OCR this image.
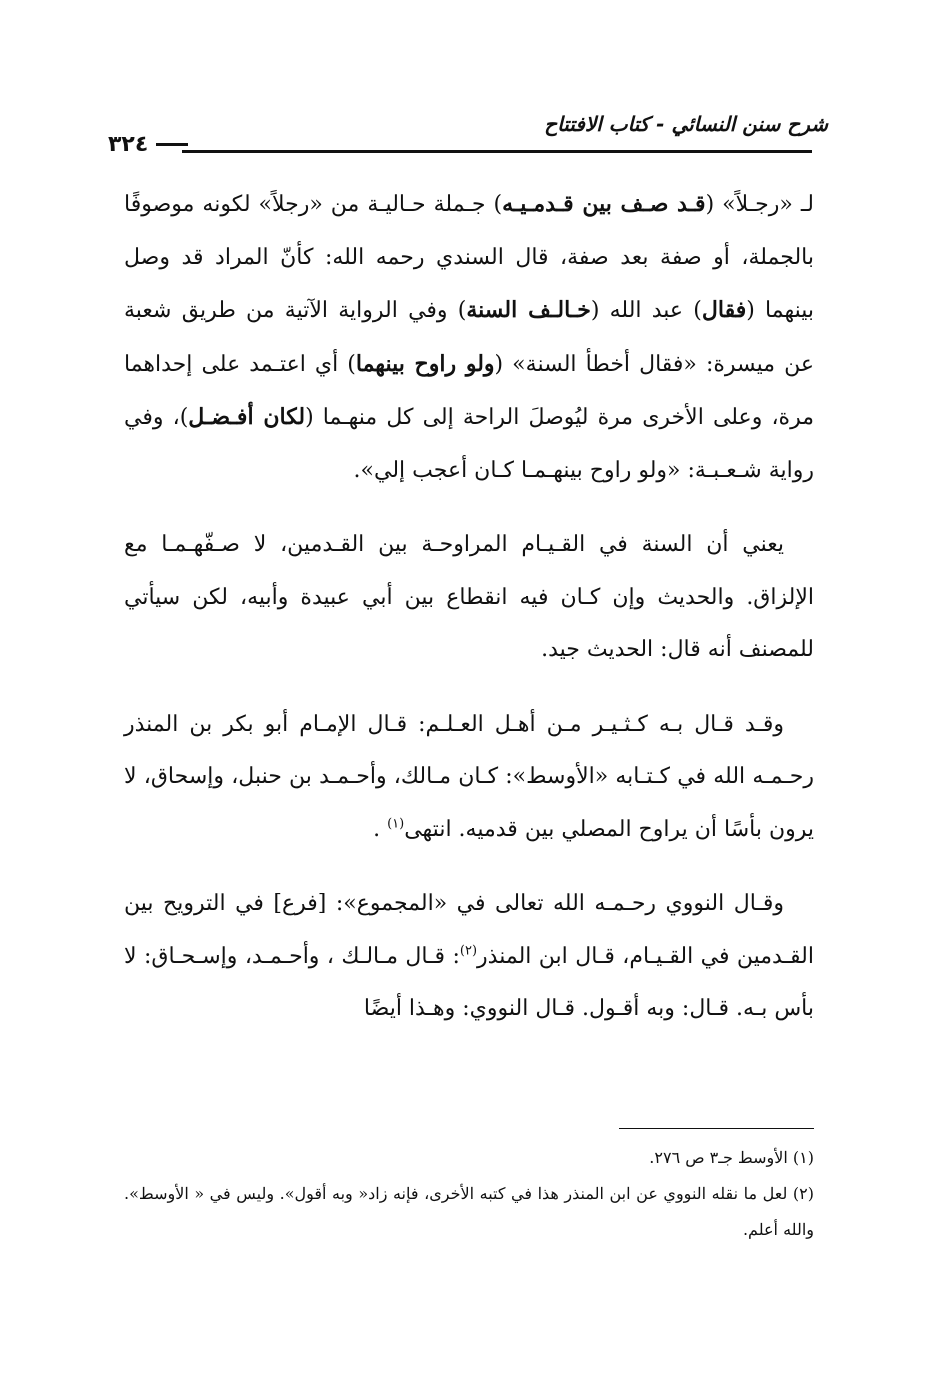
شرح سنن النسائي - كتاب الافتتاح
٣٢٤

لـ «رجـلاً» (قـد صـف بين قـدمـيـه) جـملة حـاليـة من «رجلاً» لكونه موصوفًا بالجملة، أو صفة بعد صفة، قال السندي رحمه الله: كأنّ المراد قد وصل بينهما (فقال) عبد الله (خـالـف السنة) وفي الرواية الآتية من طريق شعبة عن ميسرة: «فقال أخطأ السنة» (ولو راوح بينهما) أي اعتـمد على إحداهما مرة، وعلى الأخرى مرة ليُوصلَ الراحة إلى كل منهـما (لكان أفـضـل)، وفي رواية شـعـبـة: «ولو راوح بينهـمـا كـان أعجب إلي».

يعني أن السنة في القـيـام المراوحـة بين القـدمين، لا صـفّهـمـا مع الإلزاق. والحديث وإن كـان فيه انقطاع بين أبي عبيدة وأبيه، لكن سيأتي للمصنف أنه قال: الحديث جيد.

وقـد قـال بـه كـثـيـر مـن أهـل العـلـم: قـال الإمـام أبو بكر بن المنذر رحـمـه الله في كـتـابه «الأوسط»: كـان مـالك، وأحـمـد بن حنبل، وإسحاق، لا يرون بأسًا أن يراوح المصلي بين قدميه. انتهى$^{(١)}$ .

وقـال النووي رحـمـه الله تعالى في «المجموع»: [فرع] في الترويح بين القـدمين في القـيـام، قـال ابن المنذر$^{(٢)}$: قـال مـالـك ، وأحـمـد، وإسـحـاق: لا بأس بـه. قـال: وبه أقـول. قـال النووي: وهـذا أيضًا

(١) الأوسط جـ٣ ص ٢٧٦.

(٢) لعل ما نقله النووي عن ابن المنذر هذا في كتبه الأخرى، فإنه زاد« وبه أقول». وليس في « الأوسط». والله أعلم.
